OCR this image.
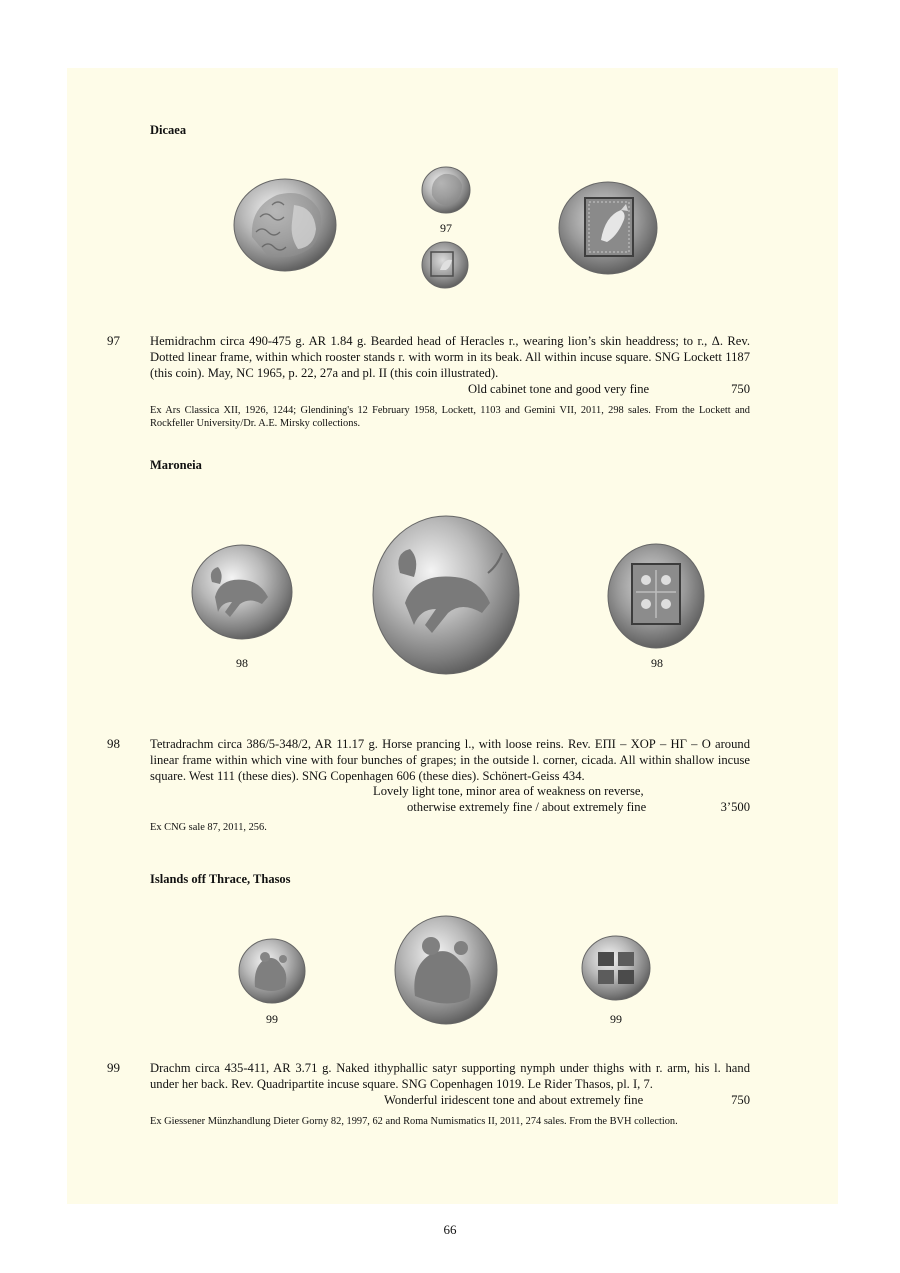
Dicaea
97
97 Hemidrachm circa 490-475 g. AR 1.84 g. Bearded head of Heracles r., wearing lion’s skin headdress; to r., Δ. Rev. Dotted linear frame, within which rooster stands r. with worm in its beak. All within incuse square. SNG Lockett 1187 (this coin). May, NC 1965, p. 22, 27a and pl. II (this coin illustrated).

Old cabinet tone and good very fine	750
Ex Ars Classica XII, 1926, 1244; Glendining's 12 February 1958, Lockett, 1103 and Gemini VII, 2011, 298 sales. From the Lockett and Rockfeller University/Dr. A.E. Mirsky collections.
Maroneia
98	98
98 Tetradrachm circa 386/5-348/2, AR 11.17 g. Horse prancing l., with loose reins. Rev. ΕΠΙ – ΧΟΡ – ΗΓ – Ο around linear frame within which vine with four bunches of grapes; in the outside l. corner, cicada. All within shallow incuse square. West 111 (these dies). SNG Copenhagen 606 (these dies). Schönert-Geiss 434.

Lovely light tone, minor area of weakness on reverse,
otherwise extremely fine / about extremely fine	3’500
Ex CNG sale 87, 2011, 256.
Islands off Thrace, Thasos
99	99
99 Drachm circa 435-411, AR 3.71 g. Naked ithyphallic satyr supporting nymph under thighs with r. arm, his l. hand under her back. Rev. Quadripartite incuse square. SNG Copenhagen 1019. Le Rider Thasos, pl. I, 7.

Wonderful iridescent tone and about extremely fine	750
Ex Giessener Münzhandlung Dieter Gorny 82, 1997, 62 and Roma Numismatics II, 2011, 274 sales. From the BVH collection.
66
